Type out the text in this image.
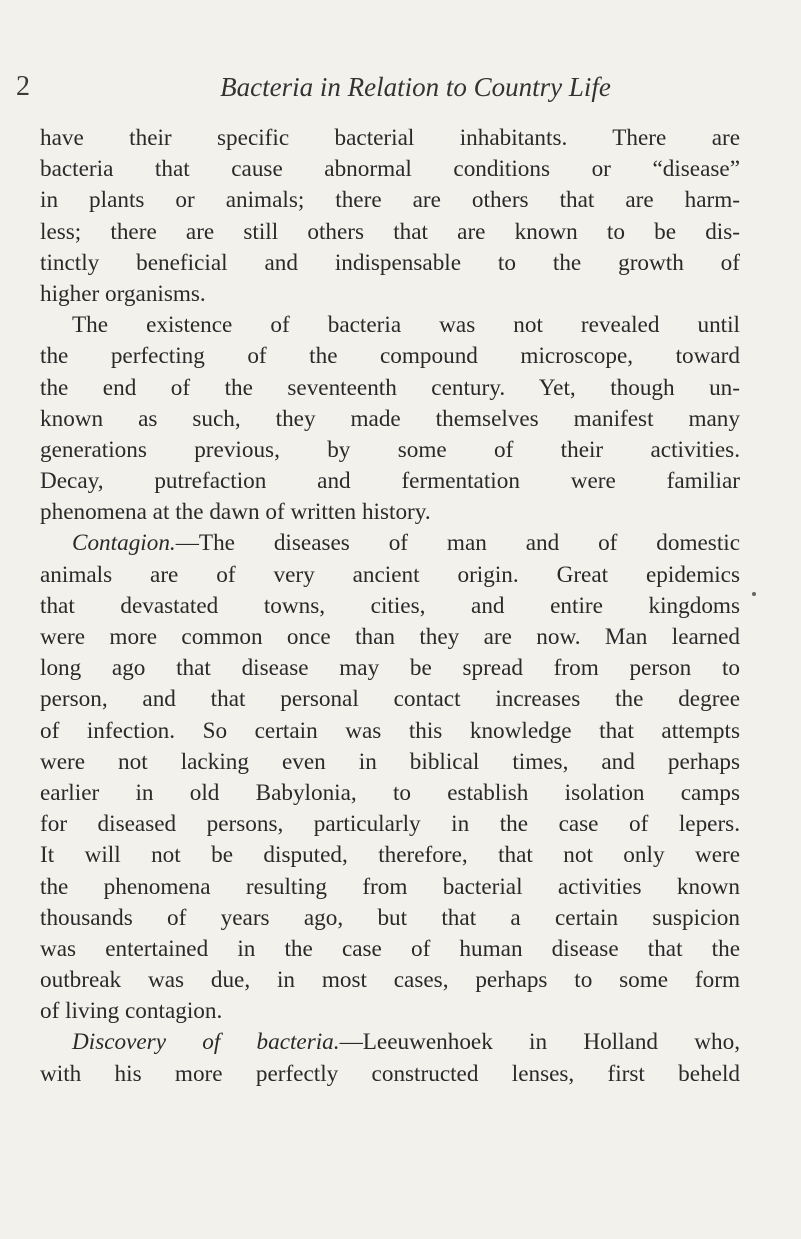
2	Bacteria in Relation to Country Life
have their specific bacterial inhabitants. There are
bacteria that cause abnormal conditions or “disease”
in plants or animals; there are others that are harm-
less; there are still others that are known to be dis-
tinctly beneficial and indispensable to the growth of
higher organisms.
The existence of bacteria was not revealed until
the perfecting of the compound microscope, toward
the end of the seventeenth century. Yet, though un-
known as such, they made themselves manifest many
generations previous, by some of their activities.
Decay, putrefaction and fermentation were familiar
phenomena at the dawn of written history.
Contagion.—The diseases of man and of domestic
animals are of very ancient origin. Great epidemics
that devastated towns, cities, and entire kingdoms
were more common once than they are now. Man learned
long ago that disease may be spread from person to
person, and that personal contact increases the degree
of infection. So certain was this knowledge that attempts
were not lacking even in biblical times, and perhaps
earlier in old Babylonia, to establish isolation camps
for diseased persons, particularly in the case of lepers.
It will not be disputed, therefore, that not only were
the phenomena resulting from bacterial activities known
thousands of years ago, but that a certain suspicion
was entertained in the case of human disease that the
outbreak was due, in most cases, perhaps to some form
of living contagion.
Discovery of bacteria.—Leeuwenhoek in Holland who,
with his more perfectly constructed lenses, first beheld
